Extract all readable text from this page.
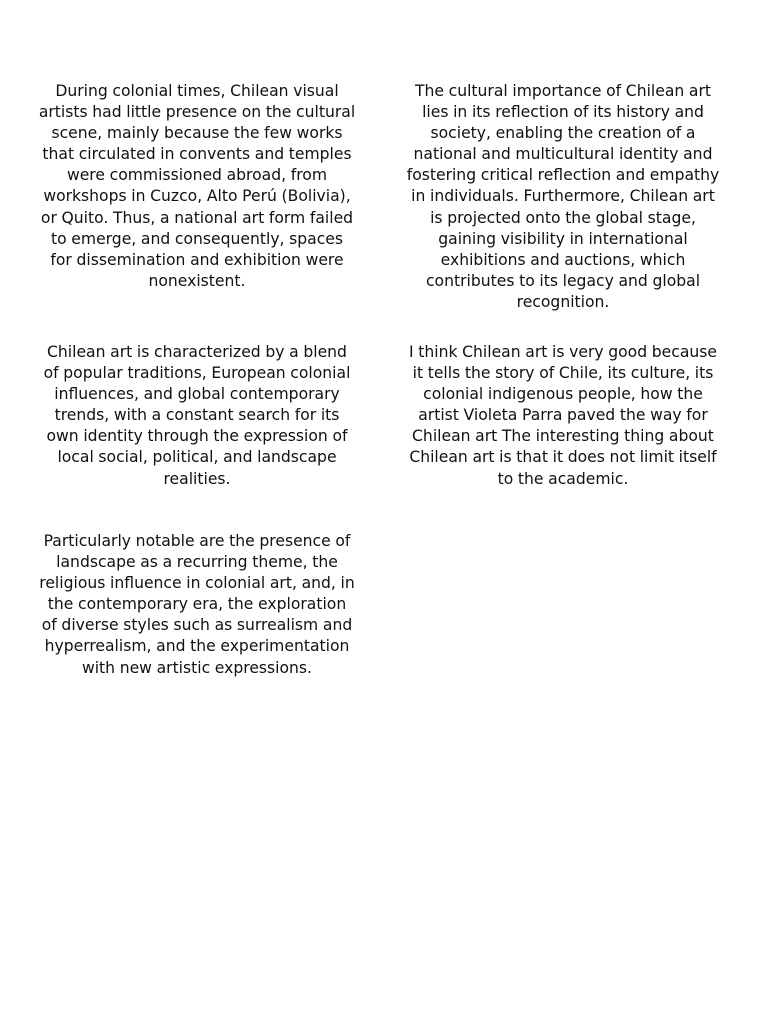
During colonial times, Chilean visual artists had little presence on the cultural scene, mainly because the few works that circulated in convents and temples were commissioned abroad, from workshops in Cuzco, Alto Perú (Bolivia), or Quito. Thus, a national art form failed to emerge, and consequently, spaces for dissemination and exhibition were nonexistent.

The cultural importance of Chilean art lies in its reflection of its history and society, enabling the creation of a national and multicultural identity and fostering critical reflection and empathy in individuals. Furthermore, Chilean art is projected onto the global stage, gaining visibility in international exhibitions and auctions, which contributes to its legacy and global recognition.

Chilean art is characterized by a blend of popular traditions, European colonial influences, and global contemporary trends, with a constant search for its own identity through the expression of local social, political, and landscape realities.

I think Chilean art is very good because it tells the story of Chile, its culture, its colonial indigenous people, how the artist Violeta Parra paved the way for Chilean art The interesting thing about Chilean art is that it does not limit itself to the academic.

Particularly notable are the presence of landscape as a recurring theme, the religious influence in colonial art, and, in the contemporary era, the exploration of diverse styles such as surrealism and hyperrealism, and the experimentation with new artistic expressions.
